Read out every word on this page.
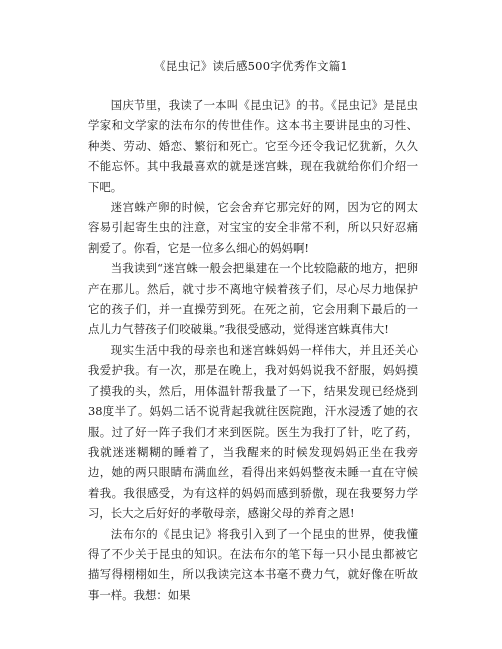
《昆虫记》读后感500字优秀作文篇1

国庆节里，我读了一本叫《昆虫记》的书。《昆虫记》是昆虫学家和文学家的法布尔的传世佳作。这本书主要讲昆虫的习性、种类、劳动、婚恋、繁衍和死亡。它至今还令我记忆犹新，久久不能忘怀。其中我最喜欢的就是迷宫蛛，现在我就给你们介绍一下吧。

迷宫蛛产卵的时候，它会舍弃它那完好的网，因为它的网太容易引起寄生虫的注意，对宝宝的安全非常不利，所以只好忍痛割爱了。你看，它是一位多么细心的妈妈啊!

当我读到“迷宫蛛一般会把巢建在一个比较隐蔽的地方，把卵产在那儿。然后，就寸步不离地守候着孩子们，尽心尽力地保护它的孩子们，并一直操劳到死。在死之前，它会用剩下最后的一点儿力气替孩子们咬破巢。”我很受感动，觉得迷宫蛛真伟大!

现实生活中我的母亲也和迷宫蛛妈妈一样伟大，并且还关心我爱护我。有一次，那是在晚上，我对妈妈说我不舒服，妈妈摸了摸我的头，然后，用体温针帮我量了一下，结果发现已经烧到38度半了。妈妈二话不说背起我就往医院跑，汗水浸透了她的衣服。过了好一阵子我们才来到医院。医生为我打了针，吃了药，我就迷迷糊糊的睡着了，当我醒来的时候发现妈妈正坐在我旁边，她的两只眼睛布满血丝，看得出来妈妈整夜未睡一直在守候着我。我很感受，为有这样的妈妈而感到骄傲，现在我要努力学习，长大之后好好的孝敬母亲，感谢父母的养育之恩!

法布尔的《昆虫记》将我引入到了一个昆虫的世界，使我懂得了不少关于昆虫的知识。在法布尔的笔下每一只小昆虫都被它描写得栩栩如生，所以我读完这本书毫不费力气，就好像在听故事一样。我想：如果
